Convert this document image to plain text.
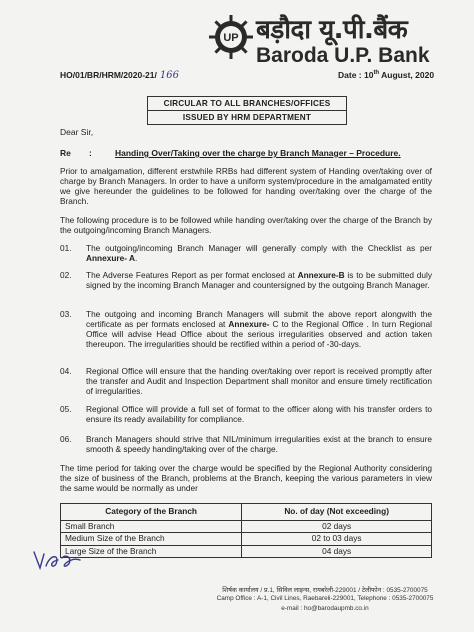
UP बड़ौदा यू.पी.बैंक
Baroda U.P. Bank
HO/01/BR/HRM/2020-21/ 166	Date : 10th August, 2020
CIRCULAR TO ALL BRANCHES/OFFICES
ISSUED BY HRM DEPARTMENT
Dear Sir,
Re :	Handing Over/Taking over the charge by Branch Manager – Procedure.
Prior to amalgamation, different erstwhile RRBs had different system of Handing over/taking over of charge by Branch Managers. In order to have a uniform system/procedure in the amalgamated entity we give hereunder the guidelines to be followed for handing over/taking over the charge of the Branch.
The following procedure is to be followed while handing over/taking over the charge of the Branch by the outgoing/incoming Branch Managers.
01. The outgoing/incoming Branch Manager will generally comply with the Checklist as per Annexure- A.
02. The Adverse Features Report as per format enclosed at Annexure-B is to be submitted duly signed by the incoming Branch Manager and countersigned by the outgoing Branch Manager.
03. The outgoing and incoming Branch Managers will submit the above report alongwith the certificate as per formats enclosed at Annexure- C to the Regional Office . In turn Regional Office will advise Head Office about the serious irregularities observed and action taken thereupon. The irregularities should be rectified within a period of -30-days.
04. Regional Office will ensure that the handing over/taking over report is received promptly after the transfer and Audit and Inspection Department shall monitor and ensure timely rectification of irregularities.
05. Regional Office will provide a full set of format to the officer along with his transfer orders to ensure its ready availability for compliance.
06. Branch Managers should strive that NIL/minimum irregularities exist at the branch to ensure smooth & speedy handing/taking over of the charge.
The time period for taking over the charge would be specified by the Regional Authority considering the size of business of the Branch, problems at the Branch, keeping the various parameters in view the same would be normally as under
Category of the Branch	No. of day (Not exceeding)
Small Branch	02 days
Medium Size of the Branch	02 to 03 days
Large Size of the Branch	04 days
शिर्षक कार्यालय / प्र.1, सिविल लाइन्स, रायबरेली-229001 / टेलीफोन : 0535-2700075
Camp Office : A-1, Civil Lines, Raebareli-229001, Telephone : 0535-2700075
e-mail : ho@barodaupmb.co.in
